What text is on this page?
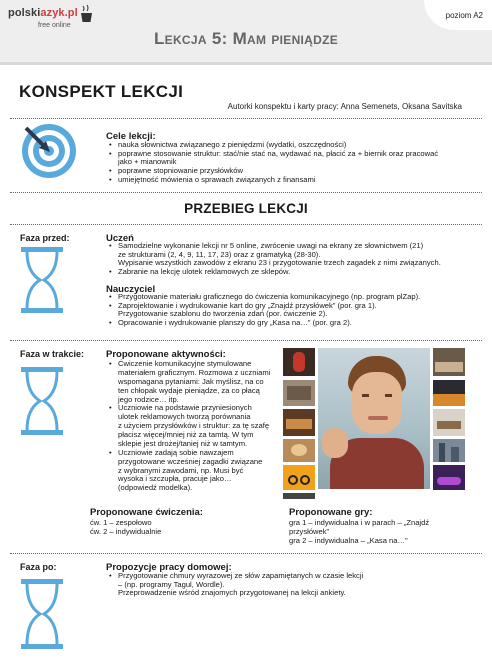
polskiazyk.pl
free online
poziom A2
Lekcja 5: Mam pieniądze
KONSPEKT LEKCJI
Autorki konspektu i karty pracy: Anna Semenets, Oksana Savitska
Cele lekcji:
• nauka słownictwa związanego z pieniędzmi (wydatki, oszczędności)
• poprawne stosowanie struktur: stać/nie stać na, wydawać na, płacić za + biernik oraz pracować
jako + mianownik
• poprawne stopniowanie przysłówków
• umiejętność mówienia o sprawach związanych z finansami
PRZEBIEG LEKCJI
Faza przed:	Uczeń
• Samodzielne wykonanie lekcji nr 5 online, zwrócenie uwagi na ekrany ze słownictwem (21)
ze strukturami (2, 4, 9, 11, 17, 23) oraz z gramatyką (28-30).
Wypisanie wszystkich zawodów z ekranu 23 i przygotowanie trzech zagadek z nimi związanych.
• Zabranie na lekcję ulotek reklamowych ze sklepów.
Nauczyciel
• Przygotowanie materiału graficznego do ćwiczenia komunikacyjnego (np. program plZap).
• Zaprojektowanie i wydrukowanie kart do gry „Znajdź przysłówek” (por. gra 1).
Przygotowanie szablonu do tworzenia zdań (por. ćwiczenie 2).
• Opracowanie i wydrukowanie planszy do gry „Kasa na…” (por. gra 2).
Faza w trakcie: Proponowane aktywności:
• Ćwiczenie komunikacyjne stymulowane
materiałem graficznym. Rozmowa z uczniami
wspomagana pytaniami: Jak myślisz, na co
ten chłopak wydaje pieniądze, za co płacą
jego rodzice… itp.
• Uczniowie na podstawie przyniesionych
ulotek reklamowych tworzą porównania
z użyciem przysłówków i struktur: za tę szafę
płacisz więcej/mniej niż za tamtą. W tym
sklepie jest drożej/taniej niż w tamtym.
• Uczniowie zadają sobie nawzajem
przygotowane wcześniej zagadki związane
z wybranymi zawodami, np. Musi być
wysoka i szczupła, pracuje jako…
(odpowiedź modelka).
Proponowane ćwiczenia:
ćw. 1 – zespołowo
ćw. 2 – indywidualnie
Proponowane gry:
gra 1 – indywidualna i w parach – „Znajdź
przysłówek”
gra 2 – indywidualna – „Kasa na…”
Faza po:	Propozycje pracy domowej:
• Przygotowanie chmury wyrazowej ze słów zapamiętanych w czasie lekcji
– (np. programy Tagul, Wordle).
Przeprowadzenie wśród znajomych przygotowanej na lekcji ankiety.
